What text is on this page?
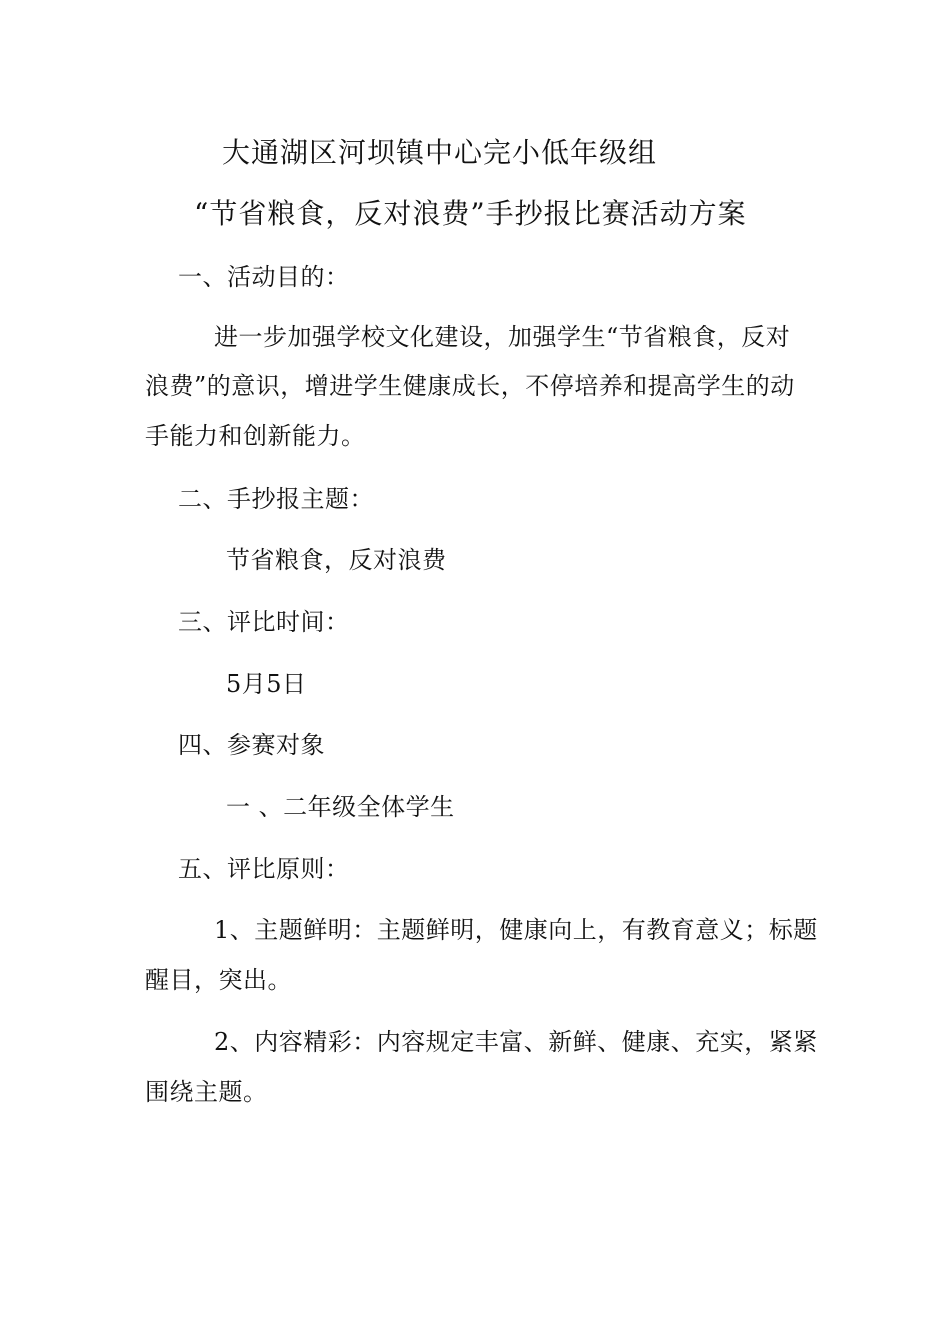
大通湖区河坝镇中心完小低年级组
“节省粮食，反对浪费”手抄报比赛活动方案
一、活动目的：
进一步加强学校文化建设，加强学生“节省粮食，反对
浪费”的意识，增进学生健康成长，不停培养和提高学生的动
手能力和创新能力。
二、手抄报主题：
节省粮食，反对浪费
三、评比时间：
5月5日
四、参赛对象
一 、二年级全体学生
五、评比原则：
1、主题鲜明：主题鲜明，健康向上，有教育意义；标题
醒目，突出。
2、内容精彩：内容规定丰富、新鲜、健康、充实，紧紧
围绕主题。
